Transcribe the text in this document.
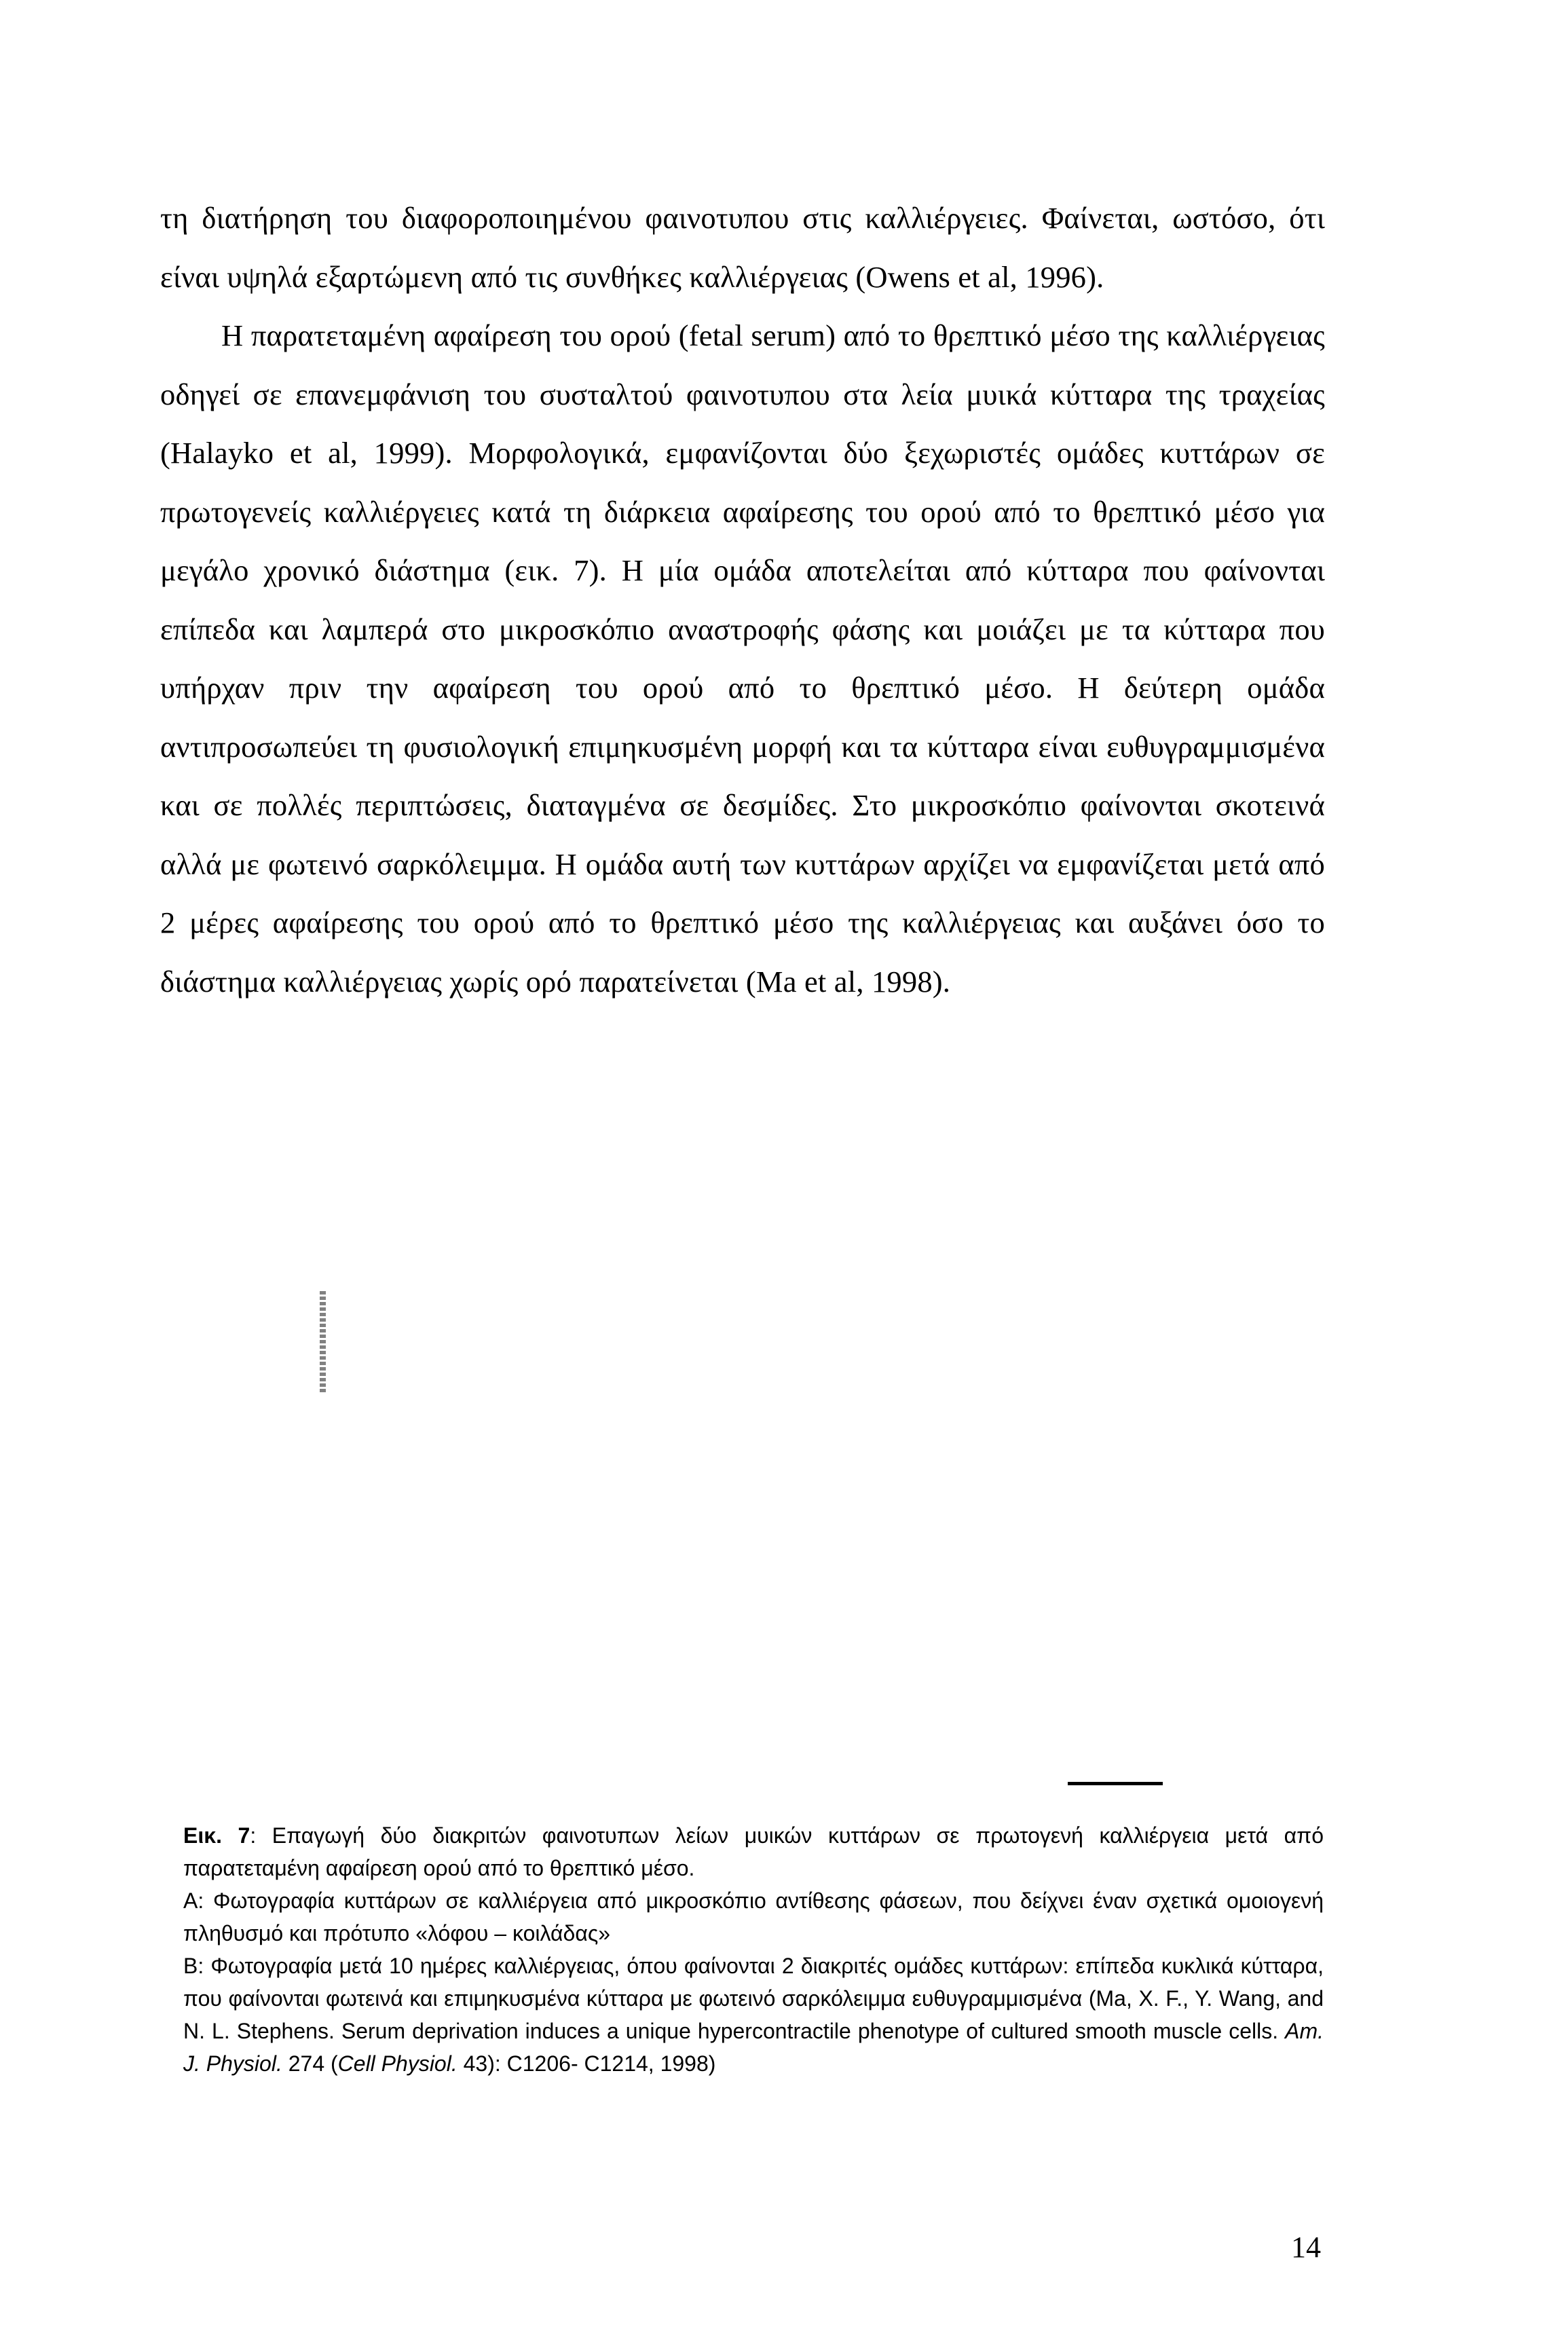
τη διατήρηση του διαφοροποιημένου φαινοτυπου στις καλλιέργειες. Φαίνεται, ωστόσο, ότι είναι υψηλά εξαρτώμενη από τις συνθήκες καλλιέργειας (Owens et al, 1996).

Η παρατεταμένη αφαίρεση του ορού (fetal serum) από το θρεπτικό μέσο της καλλιέργειας οδηγεί σε επανεμφάνιση του συσταλτού φαινοτυπου στα λεία μυικά κύτταρα της τραχείας (Halayko et al, 1999). Μορφολογικά, εμφανίζονται δύο ξεχωριστές ομάδες κυττάρων σε πρωτογενείς καλλιέργειες κατά τη διάρκεια αφαίρεσης του ορού από το θρεπτικό μέσο για μεγάλο χρονικό διάστημα (εικ. 7). Η μία ομάδα αποτελείται από κύτταρα που φαίνονται επίπεδα και λαμπερά στο μικροσκόπιο αναστροφής φάσης και μοιάζει με τα κύτταρα που υπήρχαν πριν την αφαίρεση του ορού από το θρεπτικό μέσο. Η δεύτερη ομάδα αντιπροσωπεύει τη φυσιολογική επιμηκυσμένη μορφή και τα κύτταρα είναι ευθυγραμμισμένα και σε πολλές περιπτώσεις, διαταγμένα σε δεσμίδες. Στο μικροσκόπιο φαίνονται σκοτεινά αλλά με φωτεινό σαρκόλειμμα. Η ομάδα αυτή των κυττάρων αρχίζει να εμφανίζεται μετά από 2 μέρες αφαίρεσης του ορού από το θρεπτικό μέσο της καλλιέργειας και αυξάνει όσο το διάστημα καλλιέργειας χωρίς ορό παρατείνεται (Ma et al, 1998).

Εικ. 7: Επαγωγή δύο διακριτών φαινοτυπων λείων μυικών κυττάρων σε πρωτογενή καλλιέργεια μετά από παρατεταμένη αφαίρεση ορού από το θρεπτικό μέσο.

Α: Φωτογραφία κυττάρων σε καλλιέργεια από μικροσκόπιο αντίθεσης φάσεων, που δείχνει έναν σχετικά ομοιογενή πληθυσμό και πρότυπο «λόφου – κοιλάδας»

Β: Φωτογραφία μετά 10 ημέρες καλλιέργειας, όπου φαίνονται 2 διακριτές ομάδες κυττάρων: επίπεδα κυκλικά κύτταρα, που φαίνονται φωτεινά και επιμηκυσμένα κύτταρα με φωτεινό σαρκόλειμμα ευθυγραμμισμένα (Ma, X. F., Y. Wang, and N. L. Stephens. Serum deprivation induces a unique hypercontractile phenotype of cultured smooth muscle cells. Am. J. Physiol. 274 (Cell Physiol. 43): C1206- C1214, 1998)

14
